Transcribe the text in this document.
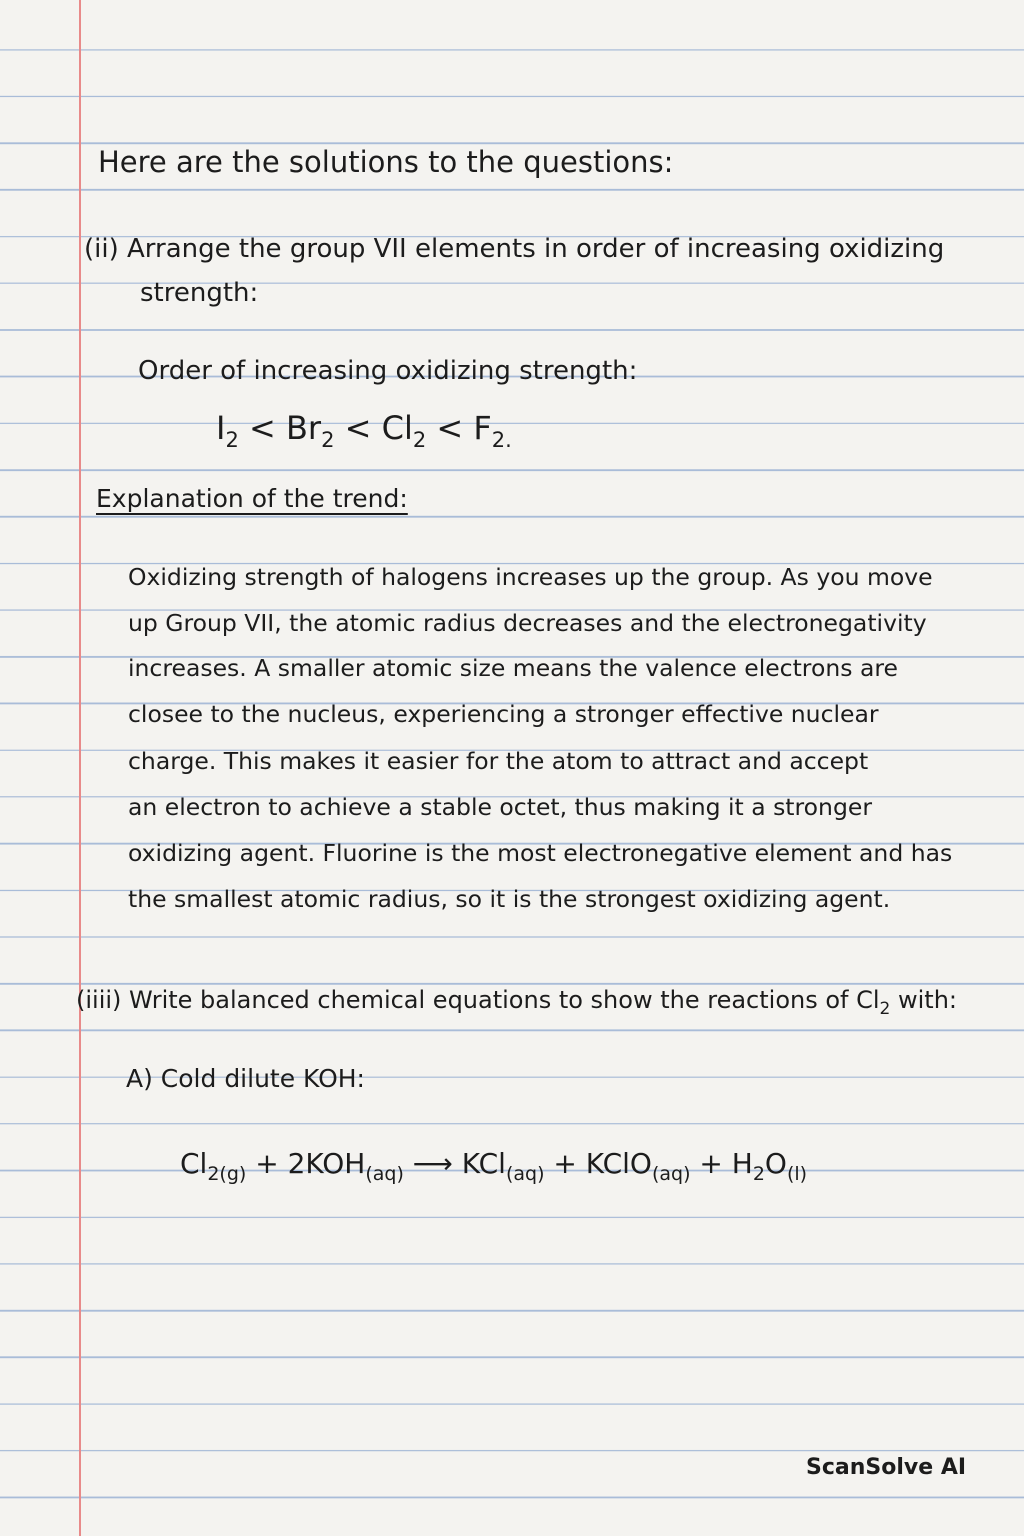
Here are the solutions to the questions:
(ii) Arrange the group VII elements in order of increasing oxidizing
strength:
Order of increasing oxidizing strength:
$I_2 < Br_2 < Cl_2 < F_{2.}$
Explanation of the trend:
Oxidizing strength of halogens increases up the group. As you move
up Group VII, the atomic radius decreases and the electronegativity
increases. A smaller atomic size means the valence electrons are
closee to the nucleus, experiencing a stronger effective nuclear
charge. This makes it easier for the atom to attract and accept
an electron to achieve a stable octet, thus making it a stronger
oxidizing agent. Fluorine is the most electronegative element and has
the smallest atomic radius, so it is the strongest oxidizing agent.
(iiii) Write balanced chemical equations to show the reactions of $Cl_2$ with:
A) Cold dilute KOH:
$Cl_{2(g)} + 2KOH_{(aq)}$ ⟶ KCl$_{(aq)}$ + KClO$_{(aq)}$ + $H_2O_{(l)}$
ScanSolve AI
